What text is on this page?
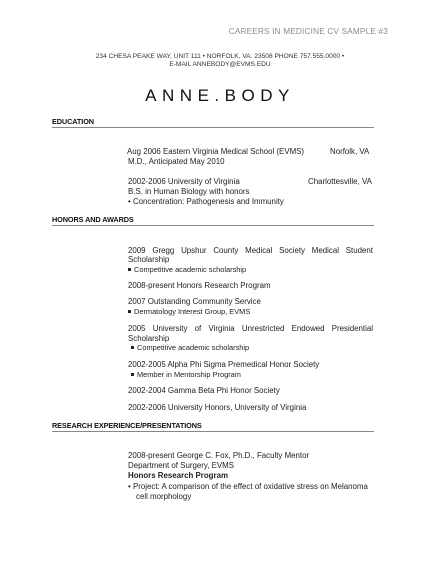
CAREERS IN MEDICINE CV SAMPLE #3
234 CHESA PEAKE WAY, UNIT 111 • NORFOLK, VA. 23508 PHONE 757.555.0000 •
E-MAIL ANNEBODY@EVMS.EDU
ANNE.BODY
EDUCATION
Aug 2006 Eastern Virginia Medical School (EVMS)	Norfolk, VA
M.D., Anticipated May 2010
2002-2006 University of Virginia	Charlottesville, VA
B.S. in Human Biology with honors
• Concentration: Pathogenesis and Immunity
HONORS AND AWARDS
2009 Gregg Upshur County Medical Society Medical Student
Scholarship
Competitive academic scholarship
2008-present Honors Research Program
2007 Outstanding Community Service
Dermatology Interest Group, EVMS
2005 University of Virginia Unrestricted Endowed Presidential
Scholarship
Competitive academic scholarship
2002-2005 Alpha Phi Sigma Premedical Honor Society
Member in Mentorship Program
2002-2004 Gamma Beta Phi Honor Society
2002-2006 University Honors, University of Virginia
RESEARCH EXPERIENCE/PRESENTATIONS
2008-present George C. Fox, Ph.D., Faculty Mentor
Department of Surgery, EVMS
Honors Research Program
• Project: A comparison of the effect of oxidative stress on Melanoma
cell morphology
